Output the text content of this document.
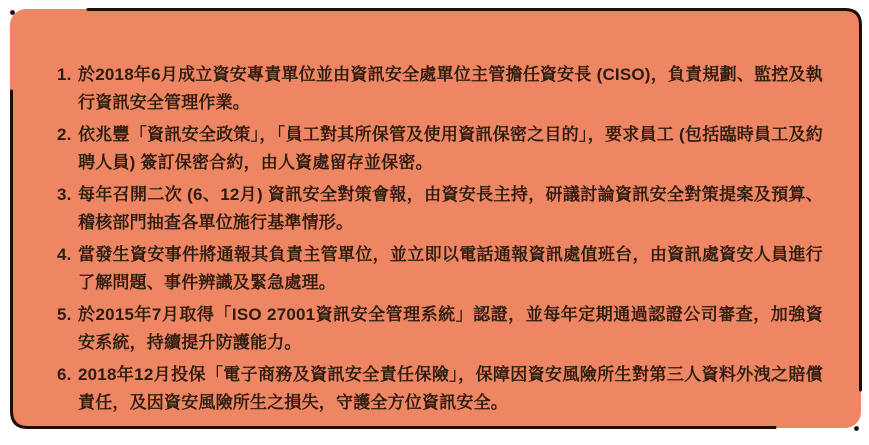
1. 於2018年6月成立資安專責單位並由資訊安全處單位主管擔任資安長 (CISO)，負責規劃、監控及執行資訊安全管理作業。
2. 依兆豐「資訊安全政策」，「員工對其所保管及使用資訊保密之目的」，要求員工 (包括臨時員工及約聘人員) 簽訂保密合約，由人資處留存並保密。
3. 每年召開二次 (6、12月) 資訊安全對策會報，由資安長主持，研議討論資訊安全對策提案及預算、稽核部門抽查各單位施行基準情形。
4. 當發生資安事件將通報其負責主管單位，並立即以電話通報資訊處值班台，由資訊處資安人員進行了解問題、事件辨識及緊急處理。
5. 於2015年7月取得「ISO 27001資訊安全管理系統」認證，並每年定期通過認證公司審查，加強資安系統，持續提升防護能力。
6. 2018年12月投保「電子商務及資訊安全責任保險」，保障因資安風險所生對第三人資料外洩之賠償責任，及因資安風險所生之損失，守護全方位資訊安全。
